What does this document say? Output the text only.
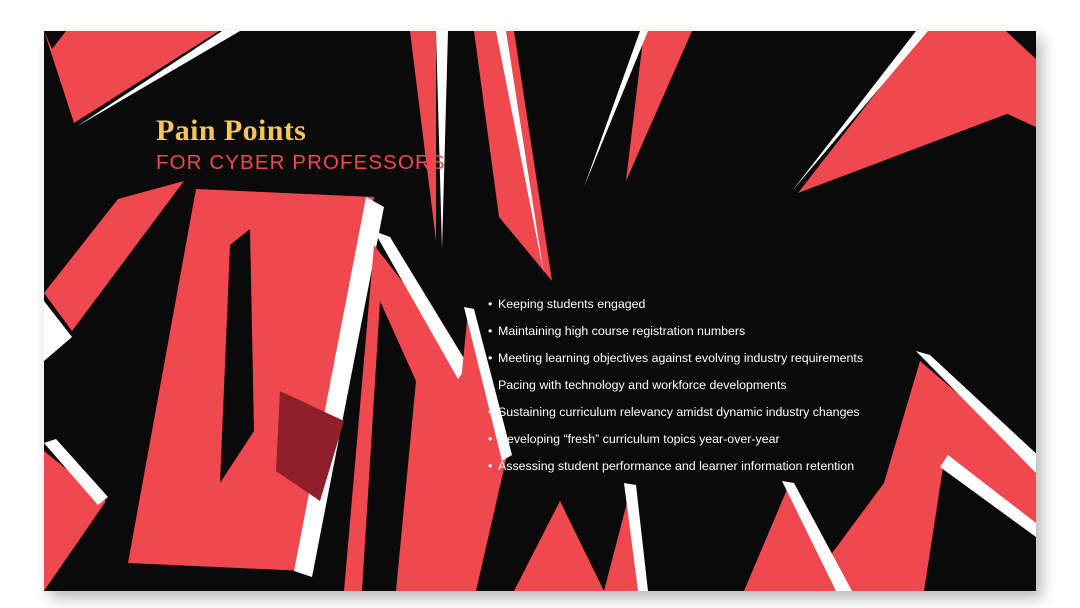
Pain Points
FOR CYBER PROFESSORS
• Keeping students engaged
• Maintaining high course registration numbers
• Meeting learning objectives against evolving industry requirements
• Pacing with technology and workforce developments
• Sustaining curriculum relevancy amidst dynamic industry changes
• Developing “fresh” curriculum topics year-over-year
• Assessing student performance and learner information retention
